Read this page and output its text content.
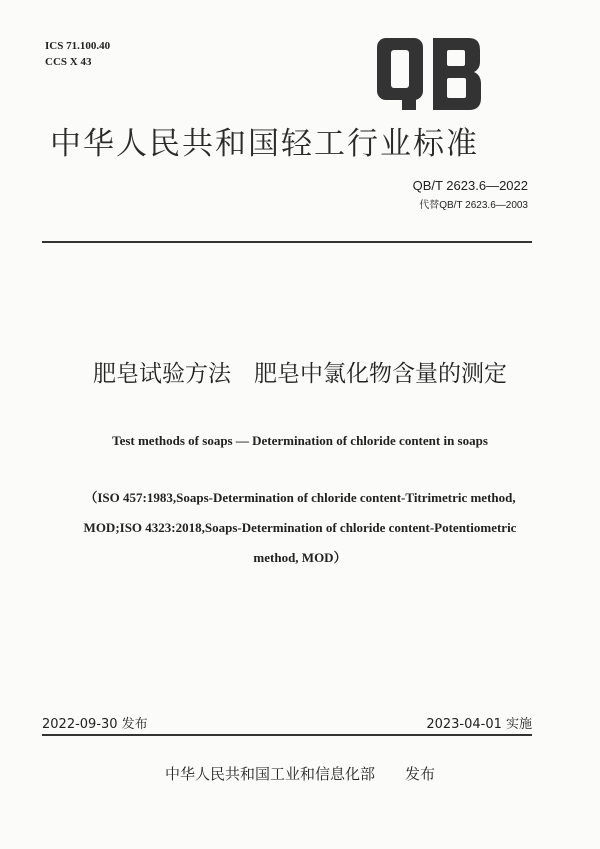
ICS 71.100.40
CCS X 43
中华人民共和国轻工行业标准
QB/T 2623.6—2022
代替QB/T 2623.6—2003
肥皂试验方法　肥皂中氯化物含量的测定
Test methods of soaps — Determination of chloride content in soaps
（ISO 457:1983,Soaps-Determination of chloride content-Titrimetric method,
MOD;ISO 4323:2018,Soaps-Determination of chloride content-Potentiometric
method, MOD）
2022-09-30 发布	2023-04-01 实施
中华人民共和国工业和信息化部　　发布
